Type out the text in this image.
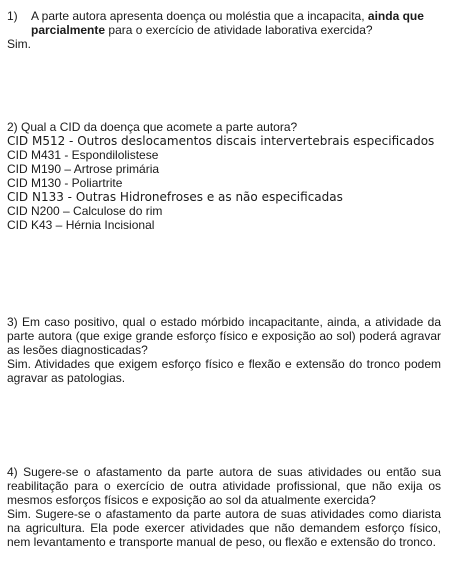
1)	A parte autora apresenta doença ou moléstia que a incapacita, ainda que
parcialmente para o exercício de atividade laborativa exercida?
Sim.
2) Qual a CID da doença que acomete a parte autora?
CID M512 - Outros deslocamentos discais intervertebrais especificados
CID M431 - Espondilolistese
CID M190 – Artrose primária
CID M130 - Poliartrite
CID N133 - Outras Hidronefroses e as não especificadas
CID N200 – Calculose do rim
CID K43 – Hérnia Incisional
3) Em caso positivo, qual o estado mórbido incapacitante, ainda, a atividade da parte autora (que exige grande esforço físico e exposição ao sol) poderá agravar as lesões diagnosticadas?
Sim. Atividades que exigem esforço físico e flexão e extensão do tronco podem agravar as patologias.
4) Sugere-se o afastamento da parte autora de suas atividades ou então sua reabilitação para o exercício de outra atividade profissional, que não exija os mesmos esforços físicos e exposição ao sol da atualmente exercida?
Sim. Sugere-se o afastamento da parte autora de suas atividades como diarista na agricultura. Ela pode exercer atividades que não demandem esforço físico, nem levantamento e transporte manual de peso, ou flexão e extensão do tronco.
